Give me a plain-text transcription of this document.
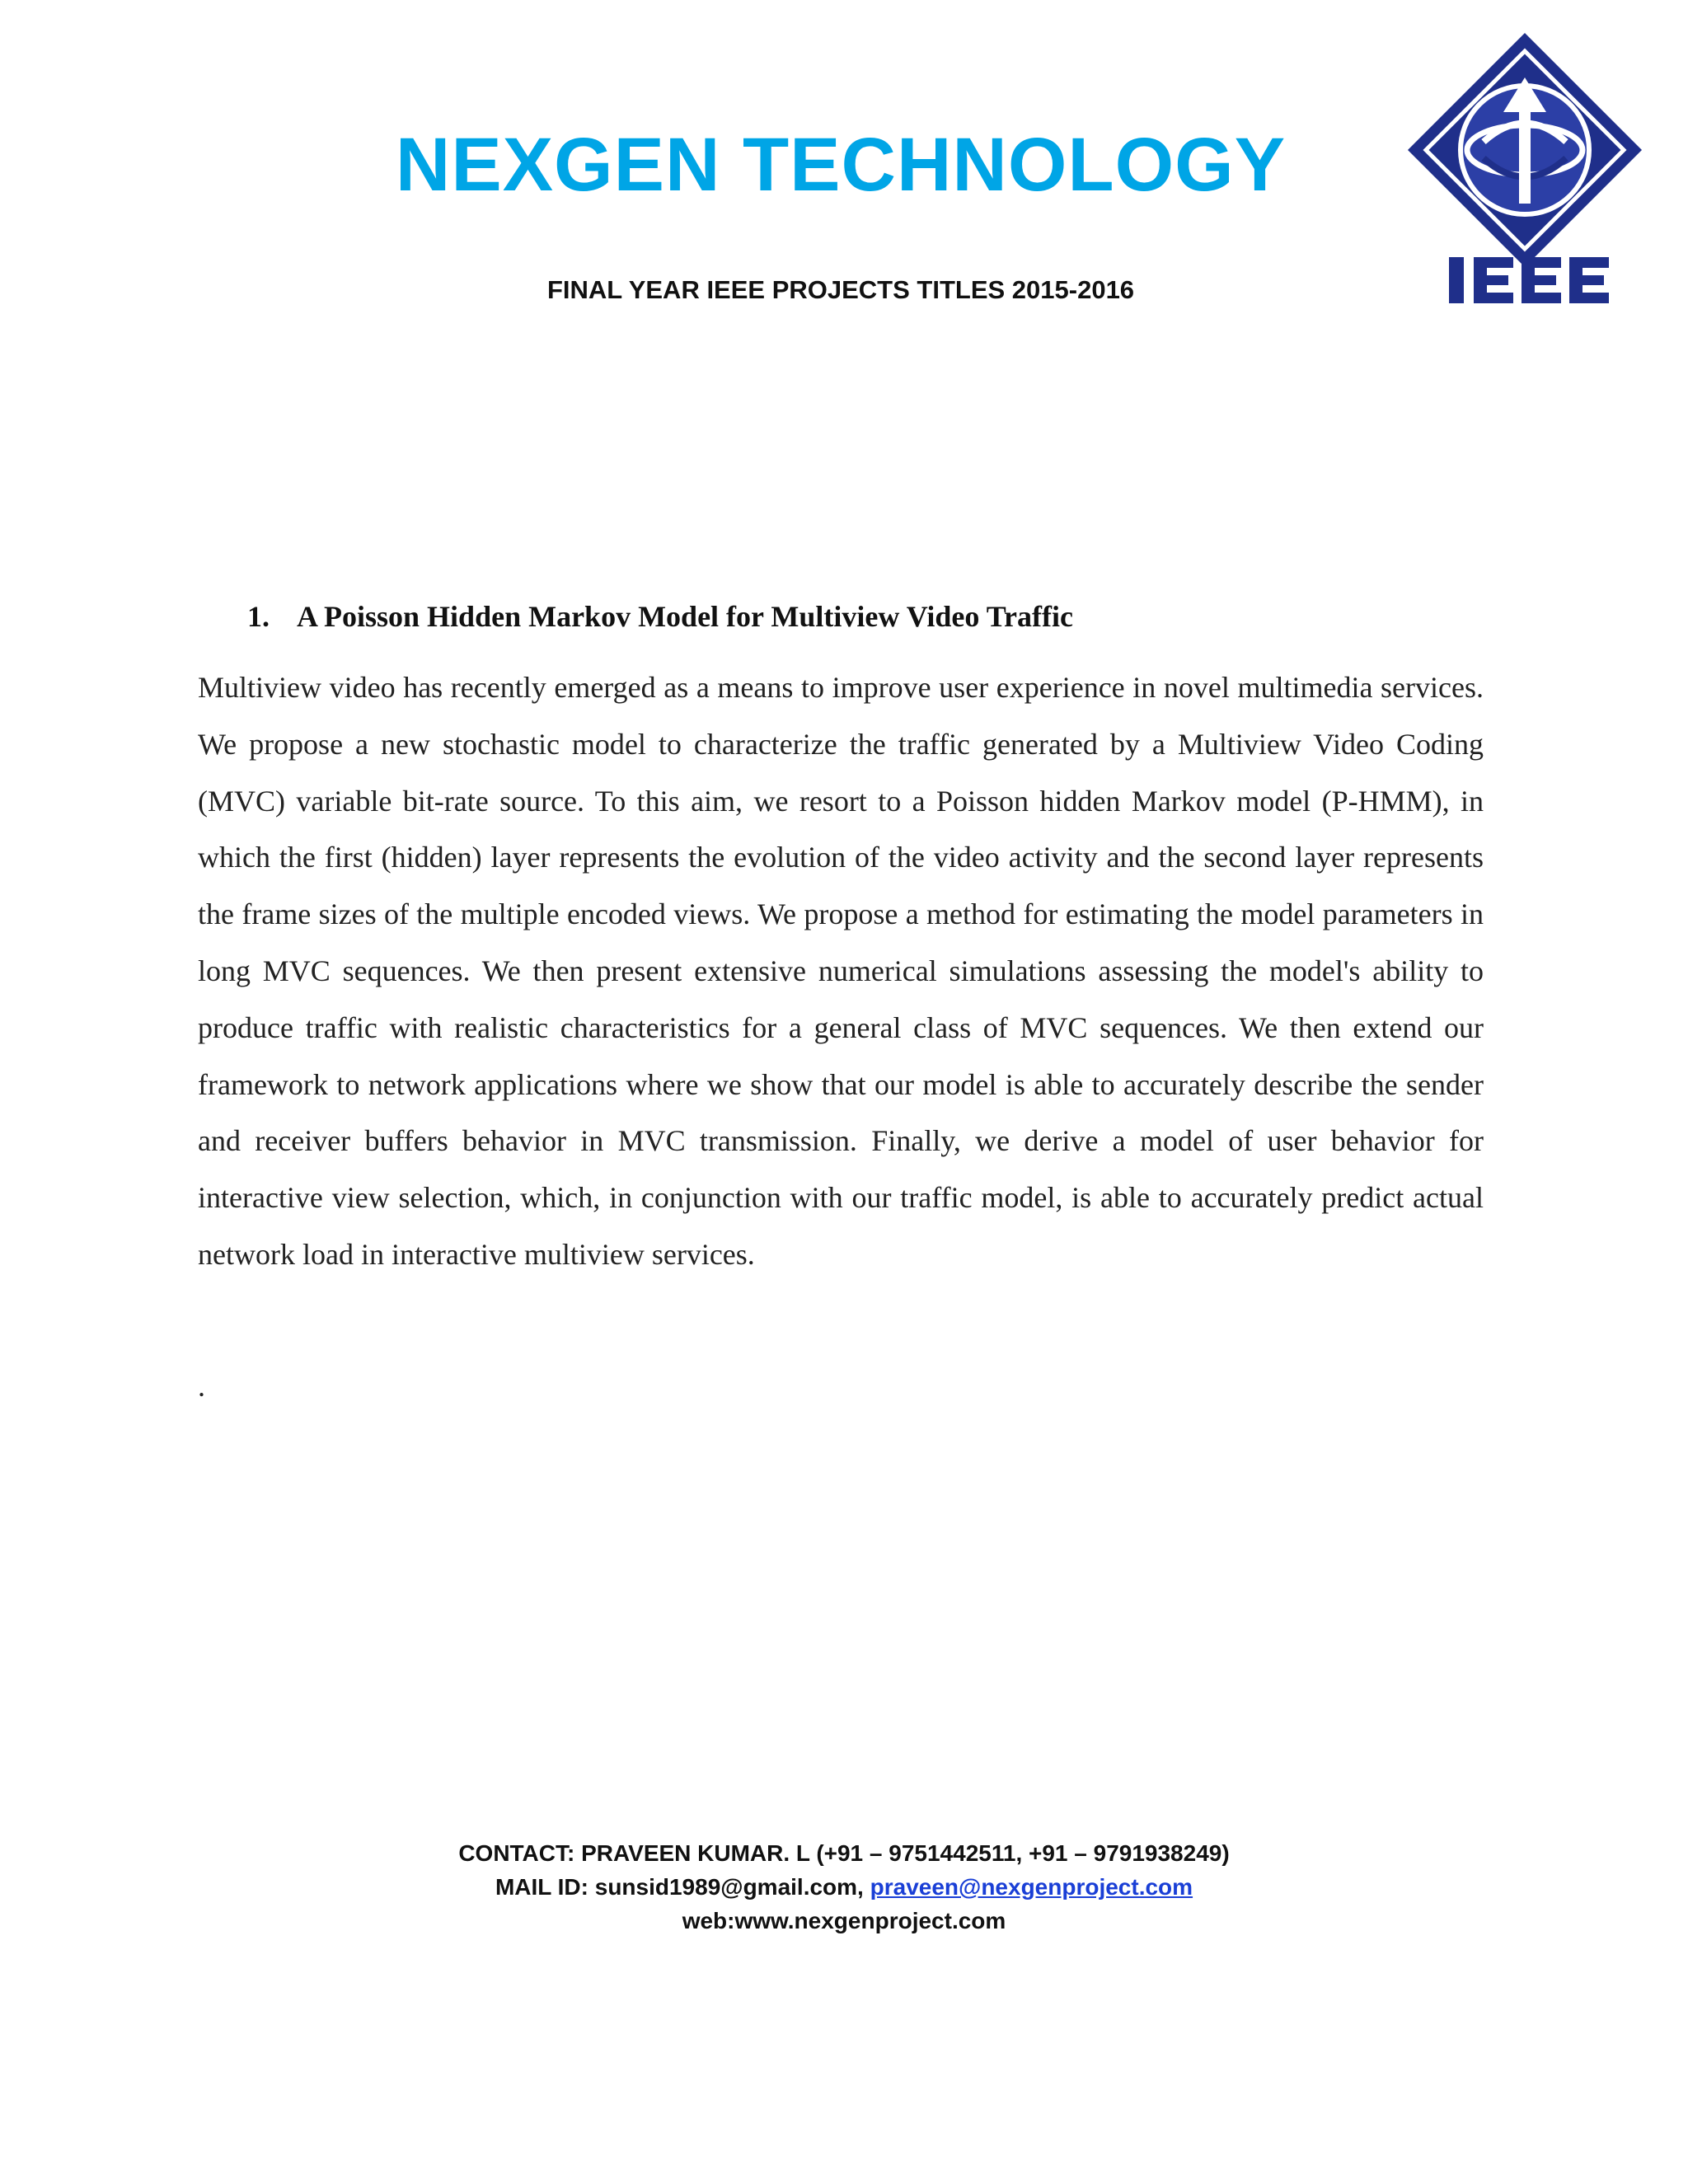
NEXGEN TECHNOLOGY

FINAL YEAR IEEE PROJECTS TITLES 2015-2016

1. A Poisson Hidden Markov Model for Multiview Video Traffic

Multiview video has recently emerged as a means to improve user experience in novel multimedia services. We propose a new stochastic model to characterize the traffic generated by a Multiview Video Coding (MVC) variable bit-rate source. To this aim, we resort to a Poisson hidden Markov model (P-HMM), in which the first (hidden) layer represents the evolution of the video activity and the second layer represents the frame sizes of the multiple encoded views. We propose a method for estimating the model parameters in long MVC sequences. We then present extensive numerical simulations assessing the model's ability to produce traffic with realistic characteristics for a general class of MVC sequences. We then extend our framework to network applications where we show that our model is able to accurately describe the sender and receiver buffers behavior in MVC transmission. Finally, we derive a model of user behavior for interactive view selection, which, in conjunction with our traffic model, is able to accurately predict actual network load in interactive multiview services.

.

CONTACT: PRAVEEN KUMAR. L (+91 – 9751442511, +91 – 9791938249)
MAIL ID: sunsid1989@gmail.com, praveen@nexgenproject.com
web:www.nexgenproject.com
